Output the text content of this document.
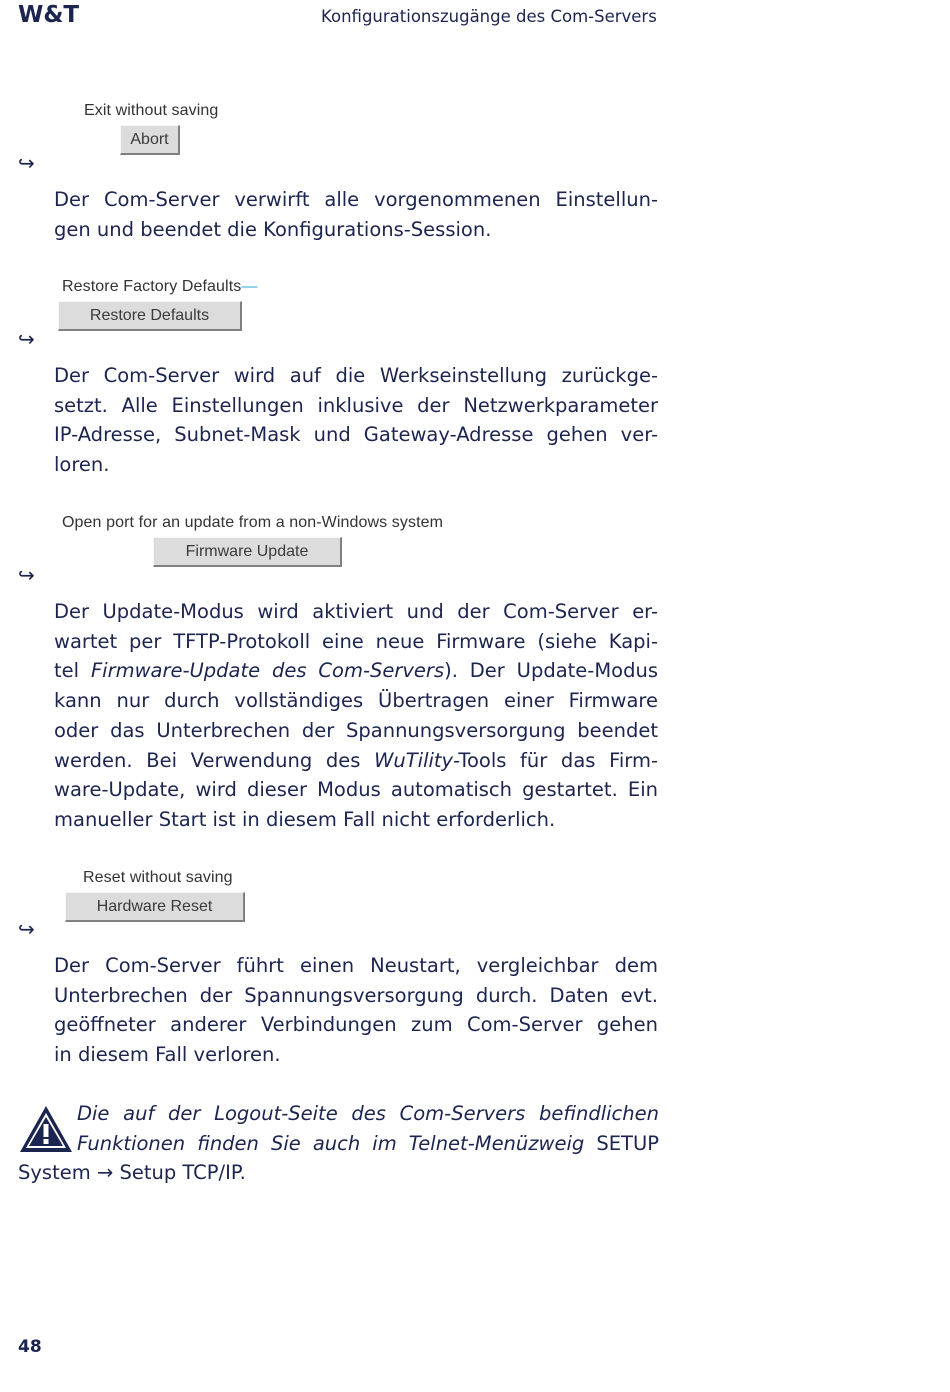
W&T	Konfigurationszugänge des Com-Servers
Exit without saving
Abort
↪
Der Com-Server verwirft alle vorgenommenen Einstellun-
gen und beendet die Konfigurations-Session.
Restore Factory Defaults—
Restore Defaults
↪
Der Com-Server wird auf die Werkseinstellung zurückge-
setzt. Alle Einstellungen inklusive der Netzwerkparameter
IP-Adresse, Subnet-Mask und Gateway-Adresse gehen ver-
loren.
Open port for an update from a non-Windows system
Firmware Update
↪
Der Update-Modus wird aktiviert und der Com-Server er-
wartet per TFTP-Protokoll eine neue Firmware (siehe Kapi-
tel Firmware-Update des Com-Servers). Der Update-Modus
kann nur durch vollständiges Übertragen einer Firmware
oder das Unterbrechen der Spannungsversorgung beendet
werden. Bei Verwendung des WuTility-Tools für das Firm-
ware-Update, wird dieser Modus automatisch gestartet. Ein
manueller Start ist in diesem Fall nicht erforderlich.
Reset without saving
Hardware Reset
↪
Der Com-Server führt einen Neustart, vergleichbar dem
Unterbrechen der Spannungsversorgung durch. Daten evt.
geöffneter anderer Verbindungen zum Com-Server gehen
in diesem Fall verloren.
Die auf der Logout-Seite des Com-Servers befindlichen
Funktionen finden Sie auch im Telnet-Menüzweig SETUP
System → Setup TCP/IP.
48
